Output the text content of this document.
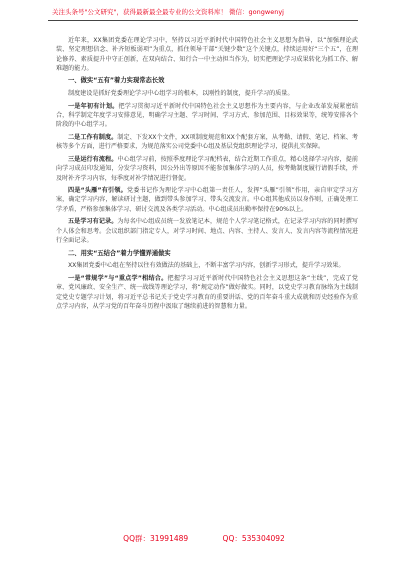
关注头条号"公文研究"，获得最新最全最专业的公文资料库！ 微信：gongwenyj

近年来，XX集团党委在理论学习中，坚持以习近平新时代中国特色社会主义思想为指导，以“加强理论武装、坚定理想信念、补齐短板弱项”为重点，抓住领导干部“关键少数”这个关键点，持续运用好“三个五”，在理论修养、素质提升中守正创新，在双向结合、知行合一中主动担当作为，切实把理论学习成果转化为抓工作、解难题的能力。

一、做实“五有”着力实现常态长效

制度建设是抓好党委理论学习中心组学习的根本，以刚性的制度，提升学习的质量。

一是年初有计划。把学习贯彻习近平新时代中国特色社会主义思想作为主要内容，与企业改革发展紧密结合，科学制定年度学习安排意见，明确学习主题、学习时间、学习方式、参加范围、目标效果等，统筹安排各个阶段的中心组学习。

二是工作有制度。制定、下发XX个文件，XX项制度规范和XX个配套方案，从考勤、请假、笔记、档案、考核等多个方面，进行严格要求，为规范落实公司党委中心组及基层党组织理论学习，提供扎实保障。

三是运行有流程。中心组学习前，按照季度理论学习配档表，结合近期工作重点，精心选择学习内容，提前向学习成员印发通知，分发学习资料，因公外出等原因不能参加集体学习的人员，按考勤制度履行请假手续，并及时补齐学习内容，每季度对补学情况进行督促。

四是“头雁”有引领。党委书记作为理论学习中心组第一责任人，发挥“头雁”引领”作用，亲自审定学习方案，确定学习内容，解读研讨主题，做到带头参加学习、带头交流发言。中心组其他成员以身作则，正确处理工学矛盾，严格参加集体学习、研讨交流及各类学习活动。中心组成员出勤率保持在90%以上。

五是学习有记录。为每名中心组成员统一发放笔记本，规范个人学习笔记格式，在记录学习内容的同时撰写个人体会和思考。会议组织部门指定专人，对学习时间、地点、内容、主持人、发言人、发言内容等流程情况进行全面记录。

二、用实“五结合”着力学懂弄通做实

XX集团党委中心组在坚持以往有效做法的基础上，不断丰富学习内容，创新学习形式，提升学习效果。

一是“常规学”与“重点学”相结合。把握学习习近平新时代中国特色社会主义思想这条“主线”，完成了党章、党风廉政、安全生产、统一战线等理论学习，将“规定动作”做好做实。同时，以党史学习教育脉络为主线制定党史专题学习计划，将习近平总书记关于党史学习教育的重要讲话、党的百年奋斗重大成就和历史经验作为重点学习内容，从学习党的百年奋斗历程中汲取了继续前进的智慧和力量。

QQ群：31991489	QQ：535304092
